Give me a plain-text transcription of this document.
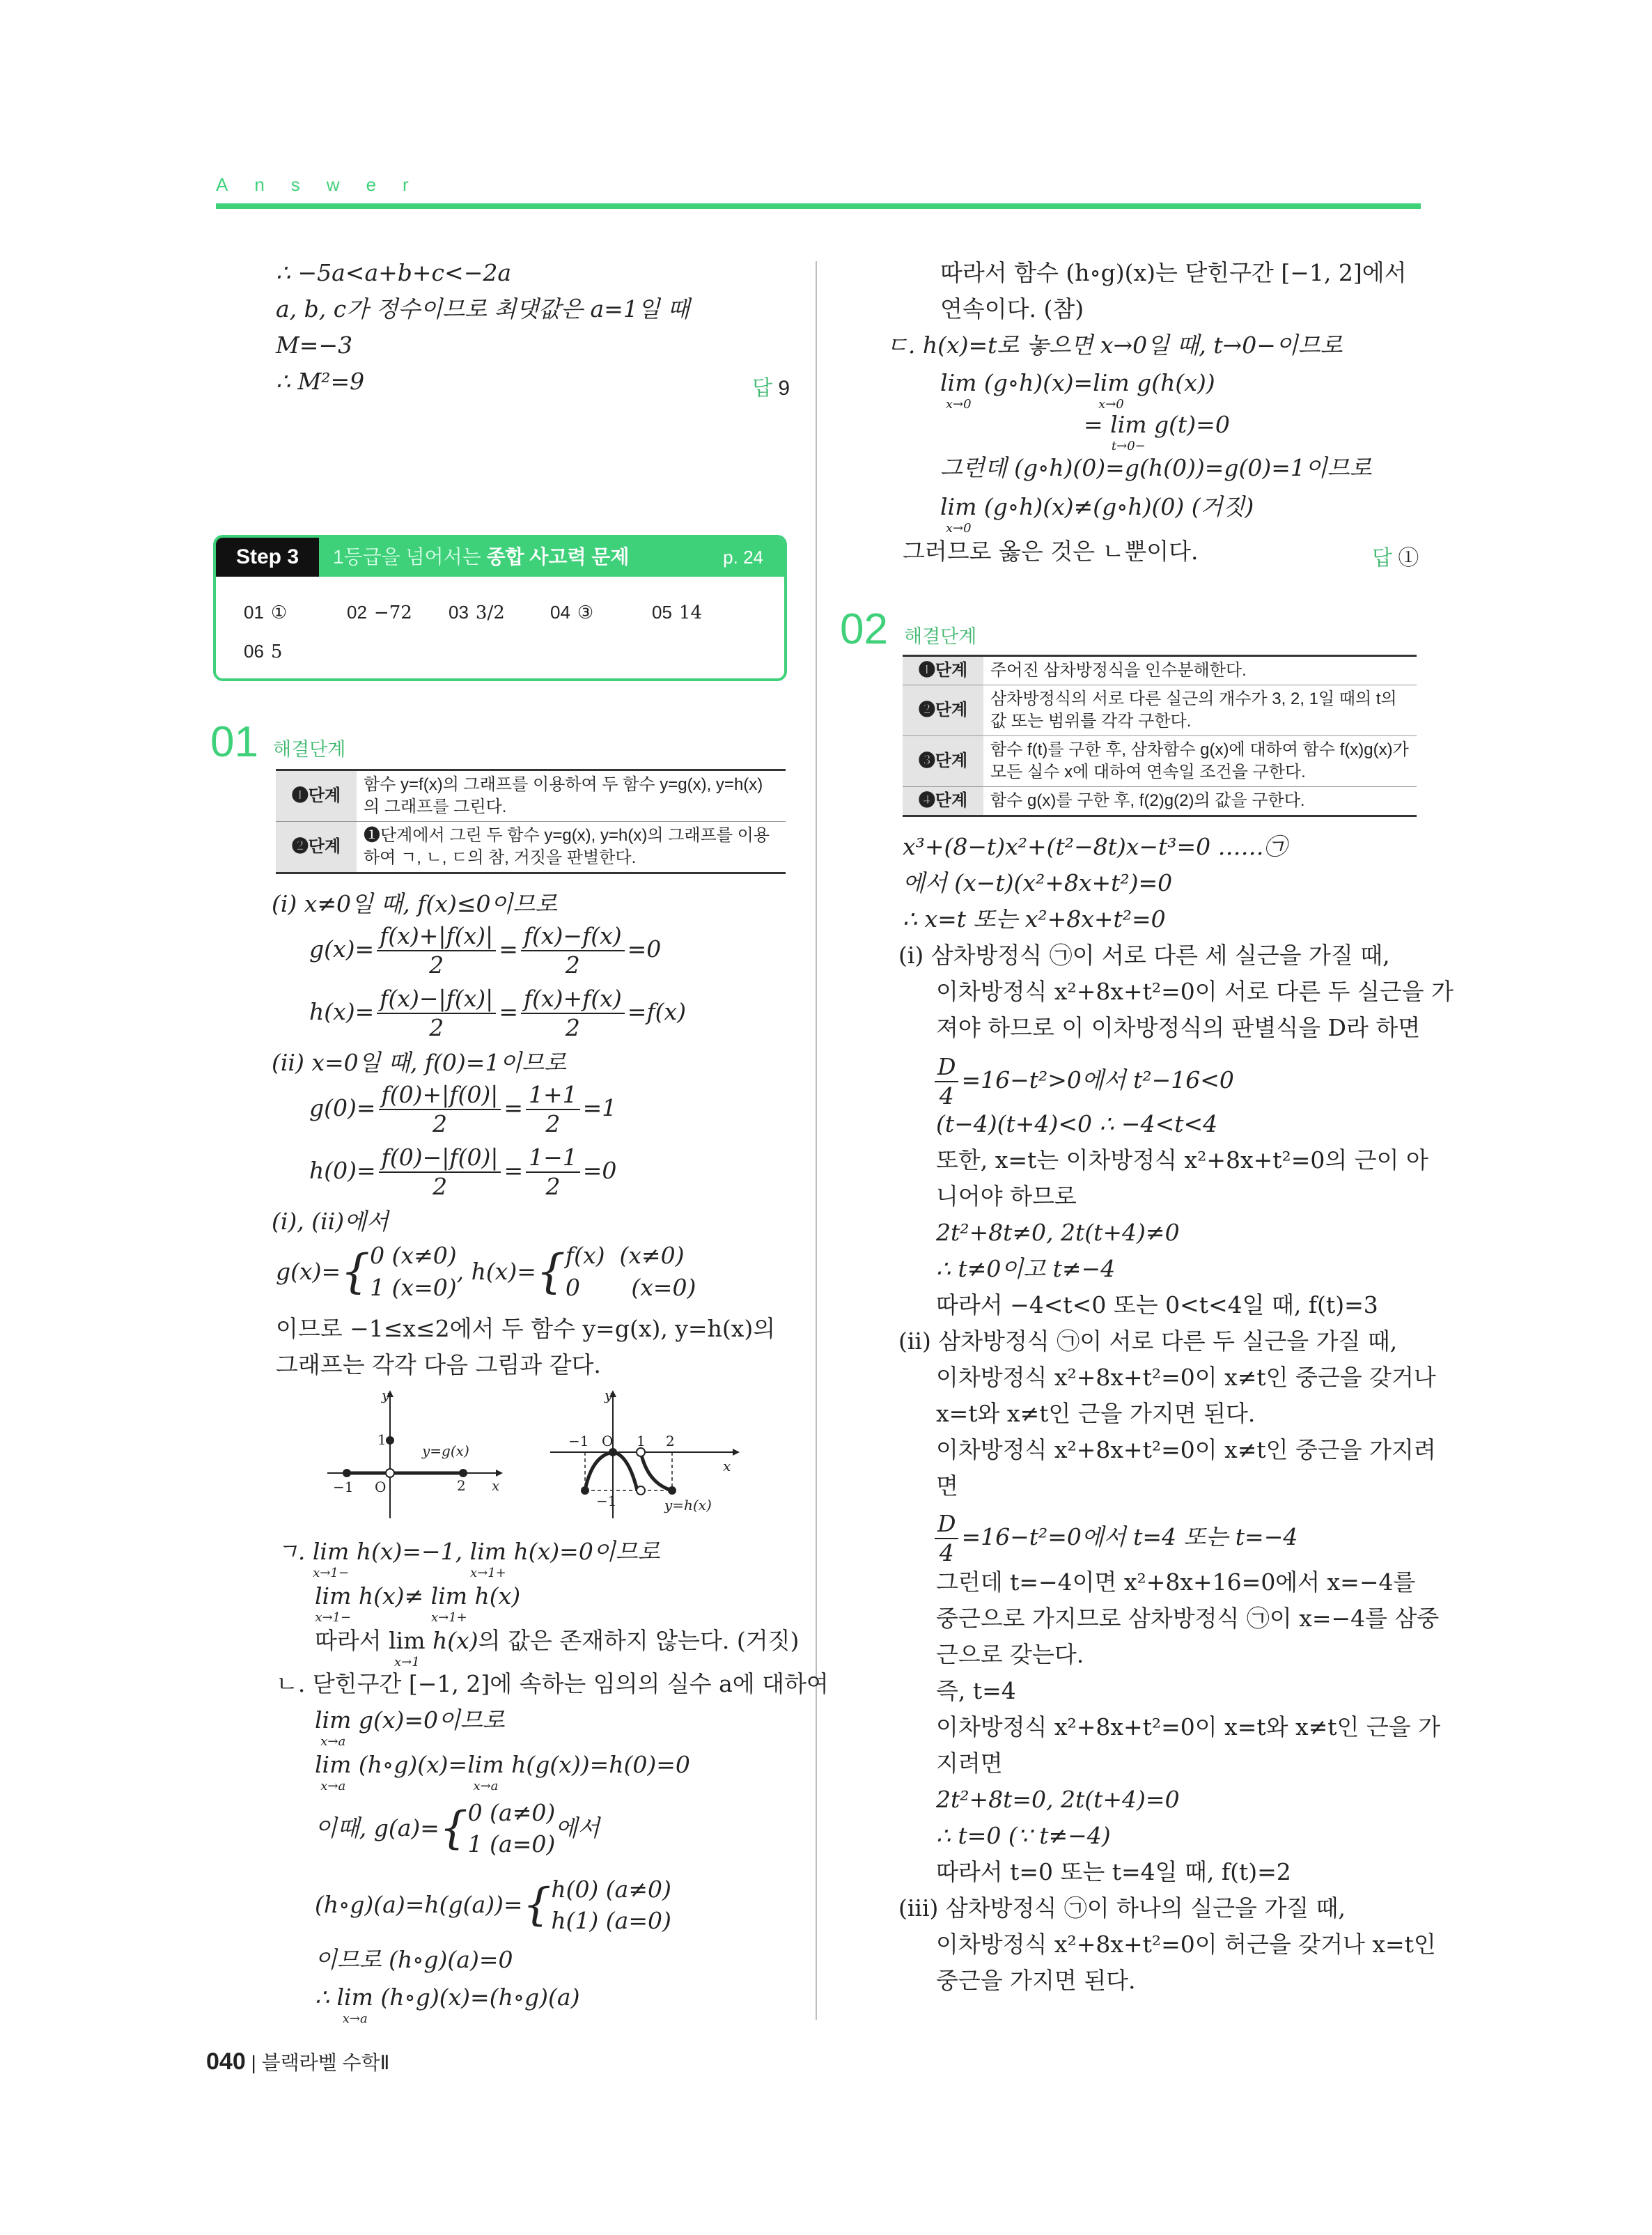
Answer
∴ −5a<a+b+c<−2a
a, b, c가 정수이므로 최댓값은 a=1일 때
M=−3
∴ M²=9	답 9
Step 3	1등급을 넘어서는 종합 사고력 문제	p. 24
01 ①	02 −72 03 3/2	04 ③	05 14
06 5
01 해결단계
❶단계	함수 y=f(x)의 그래프를 이용하여 두 함수 y=g(x), y=h(x)의 그래프를 그린다.
❷단계	❶단계에서 그린 두 함수 y=g(x), y=h(x)의 그래프를 이용하여 ㄱ, ㄴ, ㄷ의 참, 거짓을 판별한다.
(i) x≠0일 때, f(x)≤0이므로
$g(x)= \frac{f(x)+|f(x)|}{2} = \frac{f(x)-f(x)}{2} =0$
$h(x)= \frac{f(x)-|f(x)|}{2} = \frac{f(x)+f(x)}{2} =f(x)$
(ii) x=0일 때, f(0)=1이므로
$g(0)= \frac{f(0)+|f(0)|}{2} = \frac{1+1}{2} =1$
$h(0)= \frac{f(0)-|f(0)|}{2} = \frac{1-1}{2} =0$
(i), (ii)에서
g(x)={0 (x≠0)
1 (x=0), h(x)={f(x)  (x≠0)
0       (x=0)
이므로 −1≤x≤2에서 두 함수 y=g(x), y=h(x)의
그래프는 각각 다음 그림과 같다.
y
x
1
−1 O	2
y=g(x)
y
x
−1 O 1 2
−1	y=h(x)
ㄱ. lim
x→1−
h(x)=−1, lim
x→1+
h(x)=0이므로
lim
x→1−
h(x)≠ lim
x→1+
h(x)
따라서 lim
x→1
h(x)의 값은 존재하지 않는다. (거짓)
ㄴ. 닫힌구간 [−1, 2]에 속하는 임의의 실수 a에 대하여
lim
x→a
g(x)=0이므로
lim
x→a
(h∘g)(x)= lim
x→a
h(g(x))=h(0)=0
이때, g(a)={0 (a≠0)
1 (a=0)에서
(h∘g)(a)=h(g(a))={h(0) (a≠0)
h(1) (a=0)
이므로 (h∘g)(a)=0
∴ lim
x→a
(h∘g)(x)=(h∘g)(a)
따라서 함수 (h∘g)(x)는 닫힌구간 [−1, 2]에서
연속이다. (참)
ㄷ. h(x)=t로 놓으면 x→0일 때, t→0−이므로
lim
x→0
(g∘h)(x)= lim
x→0
g(h(x))
= lim
t→0−
g(t)=0
그런데 (g∘h)(0)=g(h(0))=g(0)=1이므로
lim
x→0
(g∘h)(x)≠(g∘h)(0) (거짓)
그러므로 옳은 것은 ㄴ뿐이다.	답 ①
02 해결단계
❶단계	주어진 삼차방정식을 인수분해한다.
❷단계	삼차방정식의 서로 다른 실근의 개수가 3, 2, 1일 때의 t의 값 또는 범위를 각각 구한다.
❸단계	함수 f(t)를 구한 후, 삼차함수 g(x)에 대하여 함수 f(x)g(x)가 모든 실수 x에 대하여 연속일 조건을 구한다.
❹단계	함수 g(x)를 구한 후, f(2)g(2)의 값을 구한다.
x³+(8−t)x²+(t²−8t)x−t³=0 ……㉠
에서 (x−t)(x²+8x+t²)=0
∴ x=t 또는 x²+8x+t²=0
(i) 삼차방정식 ㉠이 서로 다른 세 실근을 가질 때,
이차방정식 x²+8x+t²=0이 서로 다른 두 실근을 가
져야 하므로 이 이차방정식의 판별식을 D라 하면
$\frac{D}{4} =16-t^2>0$에서 t²−16<0
(t−4)(t+4)<0 ∴ −4<t<4
또한, x=t는 이차방정식 x²+8x+t²=0의 근이 아
니어야 하므로
2t²+8t≠0, 2t(t+4)≠0
∴ t≠0이고 t≠−4
따라서 −4<t<0 또는 0<t<4일 때, f(t)=3
(ii) 삼차방정식 ㉠이 서로 다른 두 실근을 가질 때,
이차방정식 x²+8x+t²=0이 x≠t인 중근을 갖거나
x=t와 x≠t인 근을 가지면 된다.
이차방정식 x²+8x+t²=0이 x≠t인 중근을 가지려
면
$\frac{D}{4} =16-t^2=0$에서 t=4 또는 t=−4
그런데 t=−4이면 x²+8x+16=0에서 x=−4를
중근으로 가지므로 삼차방정식 ㉠이 x=−4를 삼중
근으로 갖는다.
즉, t=4
이차방정식 x²+8x+t²=0이 x=t와 x≠t인 근을 가
지려면
2t²+8t=0, 2t(t+4)=0
∴ t=0 (∵ t≠−4)
따라서 t=0 또는 t=4일 때, f(t)=2
(iii) 삼차방정식 ㉠이 하나의 실근을 가질 때,
이차방정식 x²+8x+t²=0이 허근을 갖거나 x=t인
중근을 가지면 된다.
040 | 블랙라벨 수학Ⅱ
